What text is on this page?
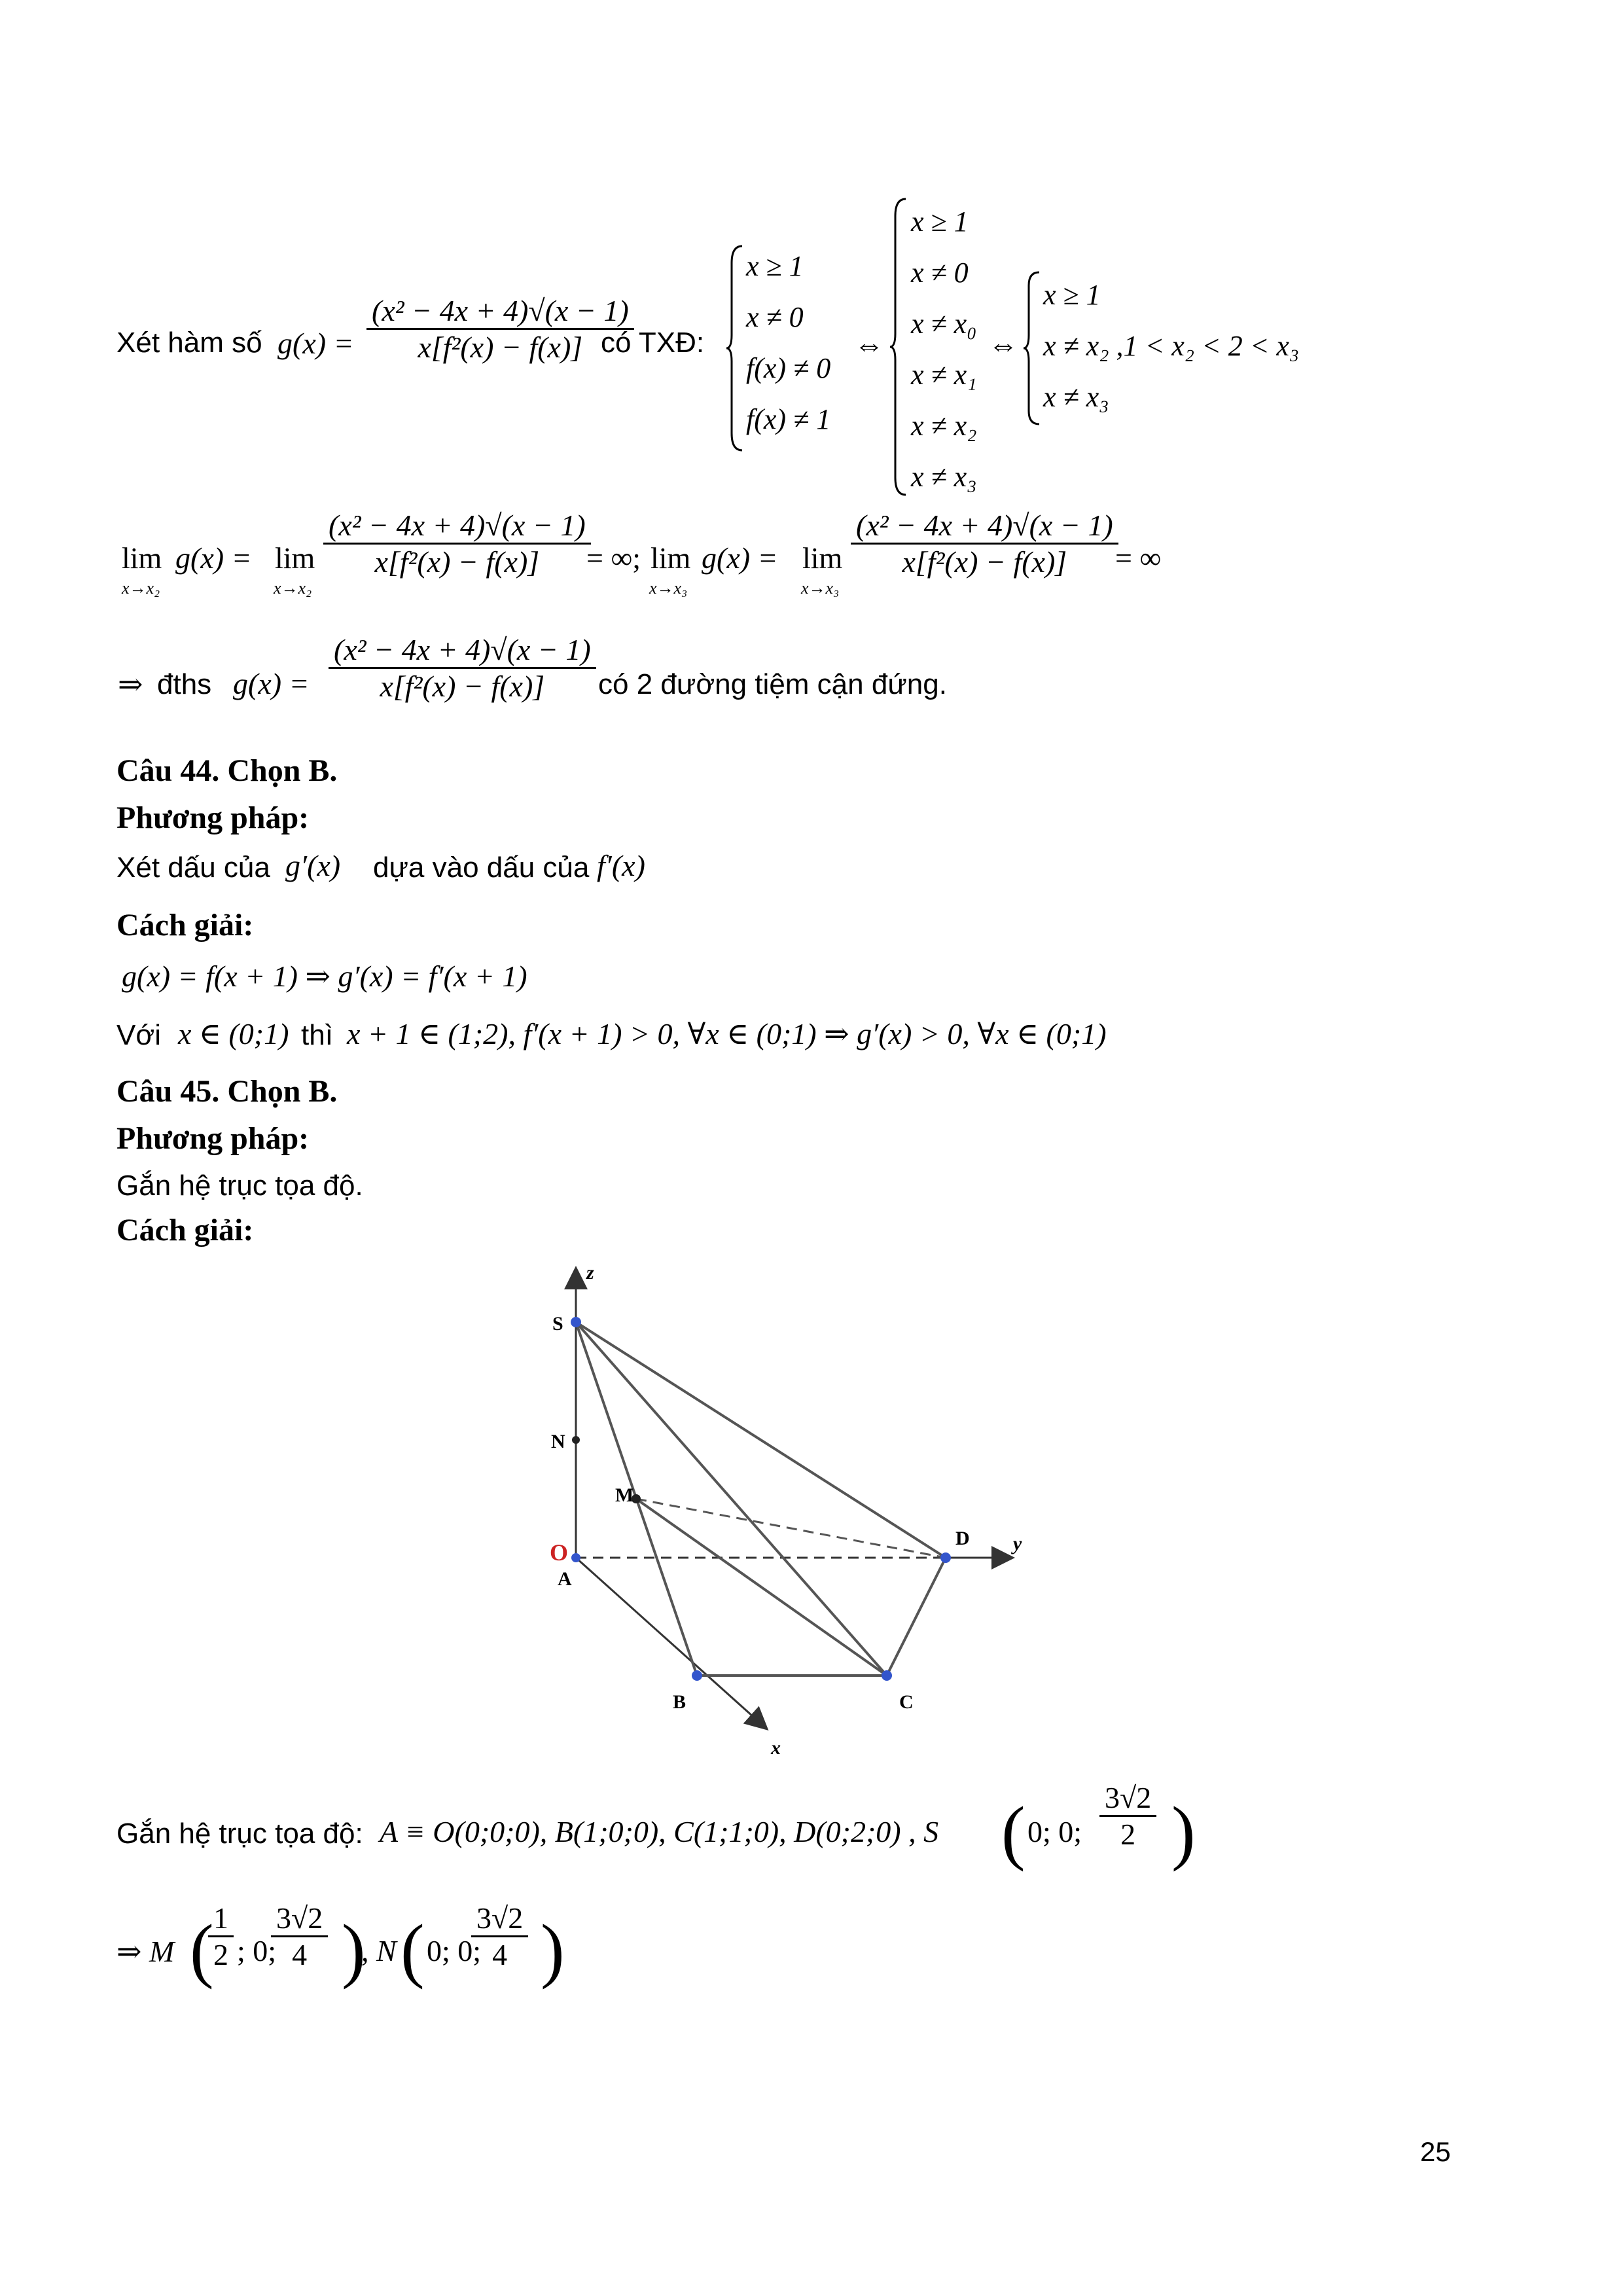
Xét hàm số g(x) =
(x² − 4x + 4)√(x − 1)
x[f²(x) − f(x)] có TXĐ:
x ≥ 1
x ≠ 0
f(x) ≠ 0
f(x) ≠ 1
⇔
x ≥ 1
x ≠ 0
x ≠ x₀
x ≠ x₁
x ≠ x₂
x ≠ x₃
⇔
x ≥ 1
x ≠ x₂ ,1 < x₂ < 2 < x₃
x ≠ x₃
lim
x→x₂
g(x) = lim
x→x₂
(x² − 4x + 4)√(x − 1)
x[f²(x) − f(x)]	= ∞; lim
x→x₃
g(x) = lim
x→x₃
(x² − 4x + 4)√(x − 1)
x[f²(x) − f(x)]	= ∞
⇒ đths g(x) =
(x² − 4x + 4)√(x − 1)
x[f²(x) − f(x)]	có 2 đường tiệm cận đứng.
Câu 44. Chọn B.
Phương pháp:
Xét dấu của g′(x) dựa vào dấu của f′(x)
Cách giải:
g(x) = f(x + 1) ⇒ g′(x) = f′(x + 1)
Với x ∈ (0;1) thì x + 1 ∈ (1;2), f′(x + 1) > 0, ∀x ∈ (0;1) ⇒ g′(x) > 0, ∀x ∈ (0;1)
Câu 45. Chọn B.
Phương pháp:
Gắn hệ trục tọa độ.
Cách giải:
z
y
x
S
N
M
O
A
B	C
D
Gắn hệ trục tọa độ: A ≡ O(0;0;0), B(1;0;0), C(1;1;0), D(0;2;0) , S ( 0; 0;
3√2
2 )
⇒ M ( 1
2 ; 0;
3√2
4 )
, N ( 0; 0;
3√2
4 )
25
